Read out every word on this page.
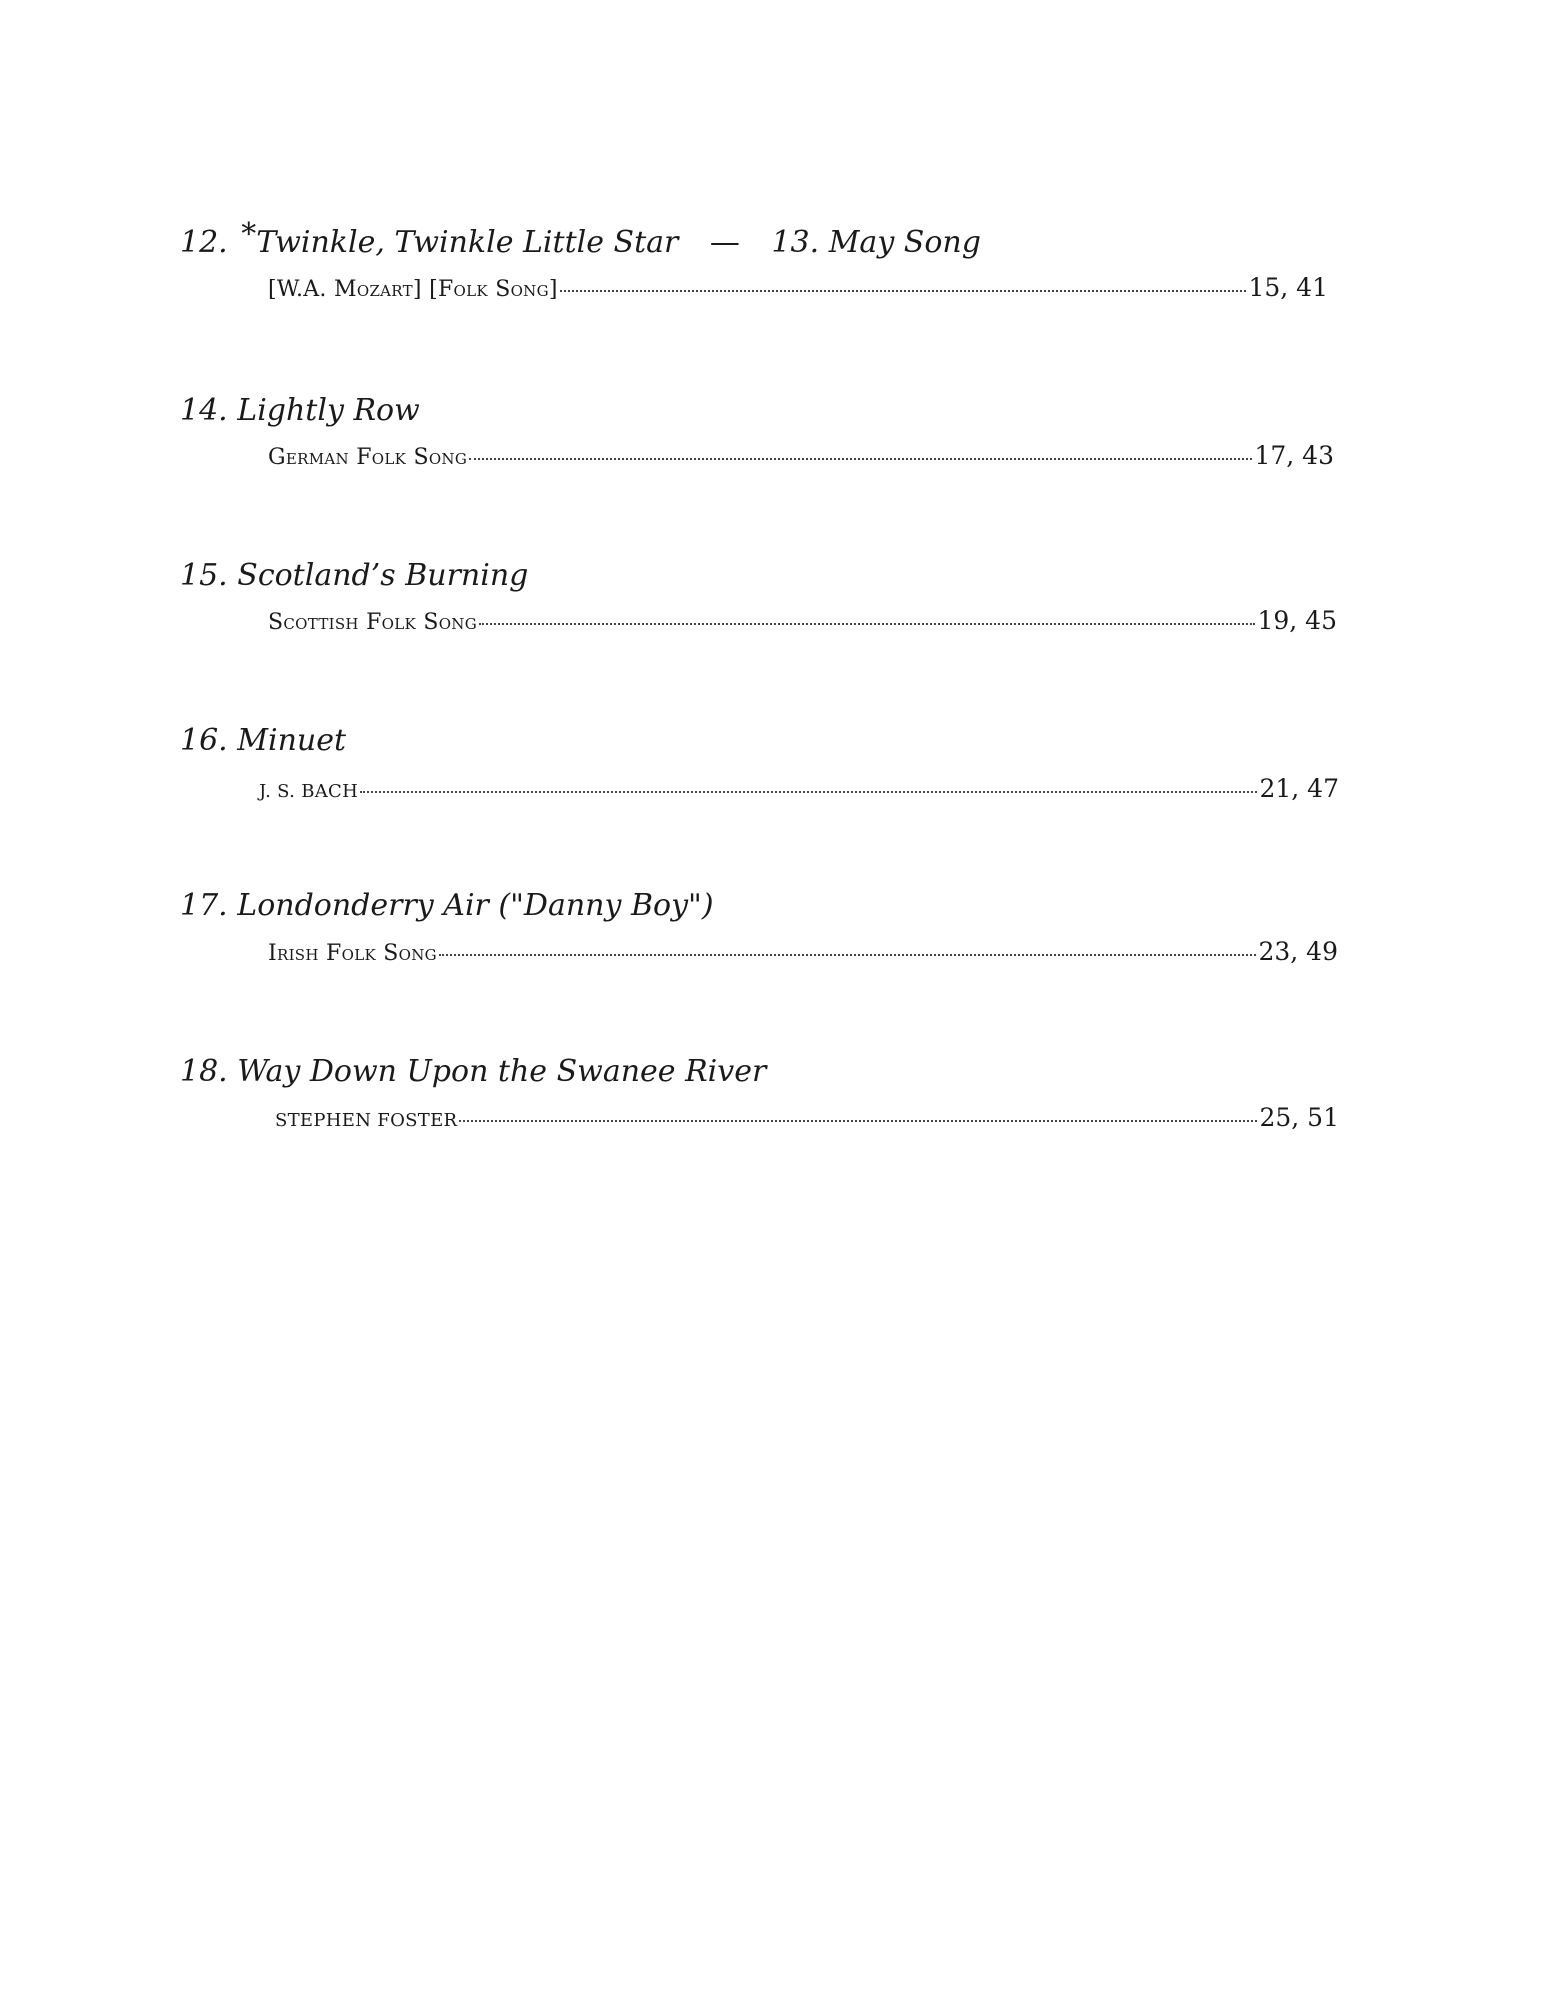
12. *Twinkle, Twinkle Little Star — 13. May Song
[W.A. Mozart] [Folk Song]	15, 41
14. Lightly Row
German Folk Song	17, 43
15. Scotland’s Burning
Scottish Folk Song	19, 45
16. Minuet
J. S. BACH	21, 47
17. Londonderry Air ("Danny Boy")
Irish Folk Song	23, 49
18. Way Down Upon the Swanee River
STEPHEN FOSTER	25, 51
